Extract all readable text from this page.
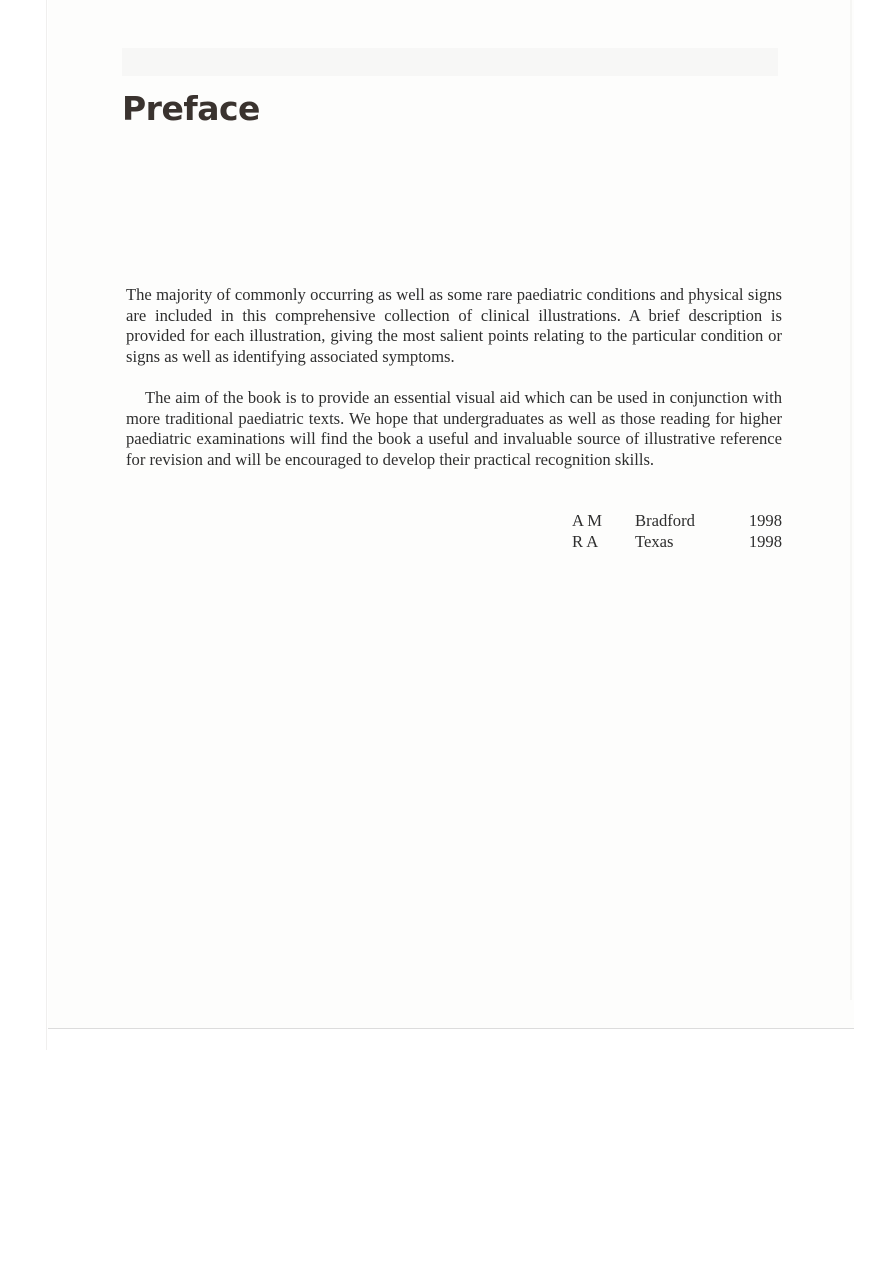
Preface

The majority of commonly occurring as well as some rare paediatric conditions and physical signs are included in this comprehensive collection of clinical illustrations. A brief description is provided for each illustration, giving the most salient points relating to the particular condition or signs as well as identifying associated symptoms.

The aim of the book is to provide an essential visual aid which can be used in conjunction with more traditional paediatric texts. We hope that undergraduates as well as those reading for higher paediatric examinations will find the book a useful and invaluable source of illustrative reference for revision and will be encouraged to develop their practical recognition skills.

A M	Bradford	1998
R A	Texas	1998
